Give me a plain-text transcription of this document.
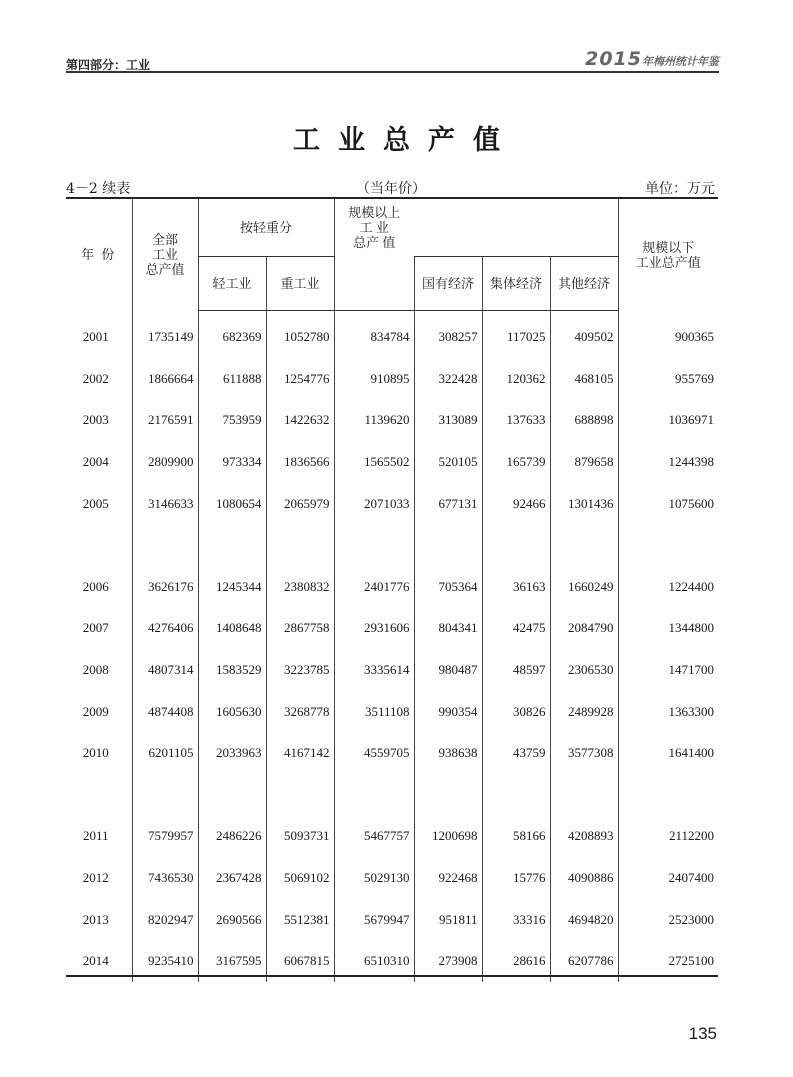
第四部分：工业	2015年梅州统计年鉴
工业总产值
4－2 续表	（当年价）	单位：万元
年 份	全部
工业
总产值	按轻重分		规模以上
工 业
总产 值				规模以下
工业总产值
		轻工业	重工业		国有经济	集体经济	其他经济	
2001	1735149	682369	1052780	834784	308257	117025	409502	900365
2002	1866664	611888	1254776	910895	322428	120362	468105	955769
2003	2176591	753959	1422632	1139620	313089	137633	688898	1036971
2004	2809900	973334	1836566	1565502	520105	165739	879658	1244398
2005	3146633	1080654	2065979	2071033	677131	92466	1301436	1075600

2006	3626176	1245344	2380832	2401776	705364	36163	1660249	1224400
2007	4276406	1408648	2867758	2931606	804341	42475	2084790	1344800
2008	4807314	1583529	3223785	3335614	980487	48597	2306530	1471700
2009	4874408	1605630	3268778	3511108	990354	30826	2489928	1363300
2010	6201105	2033963	4167142	4559705	938638	43759	3577308	1641400

2011	7579957	2486226	5093731	5467757	1200698	58166	4208893	2112200
2012	7436530	2367428	5069102	5029130	922468	15776	4090886	2407400
2013	8202947	2690566	5512381	5679947	951811	33316	4694820	2523000
2014	9235410	3167595	6067815	6510310	273908	28616	6207786	2725100
135
